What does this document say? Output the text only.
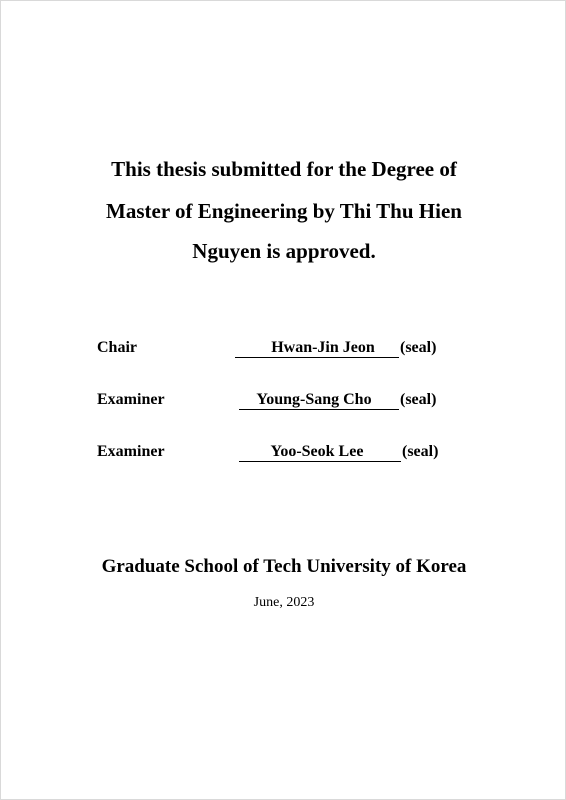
This thesis submitted for the Degree of
Master of Engineering by Thi Thu Hien
Nguyen is approved.
Chair	Hwan-Jin Jeon	(seal)
Examiner	Young-Sang Cho	(seal)
Examiner	Yoo-Seok Lee	(seal)
Graduate School of Tech University of Korea
June, 2023
